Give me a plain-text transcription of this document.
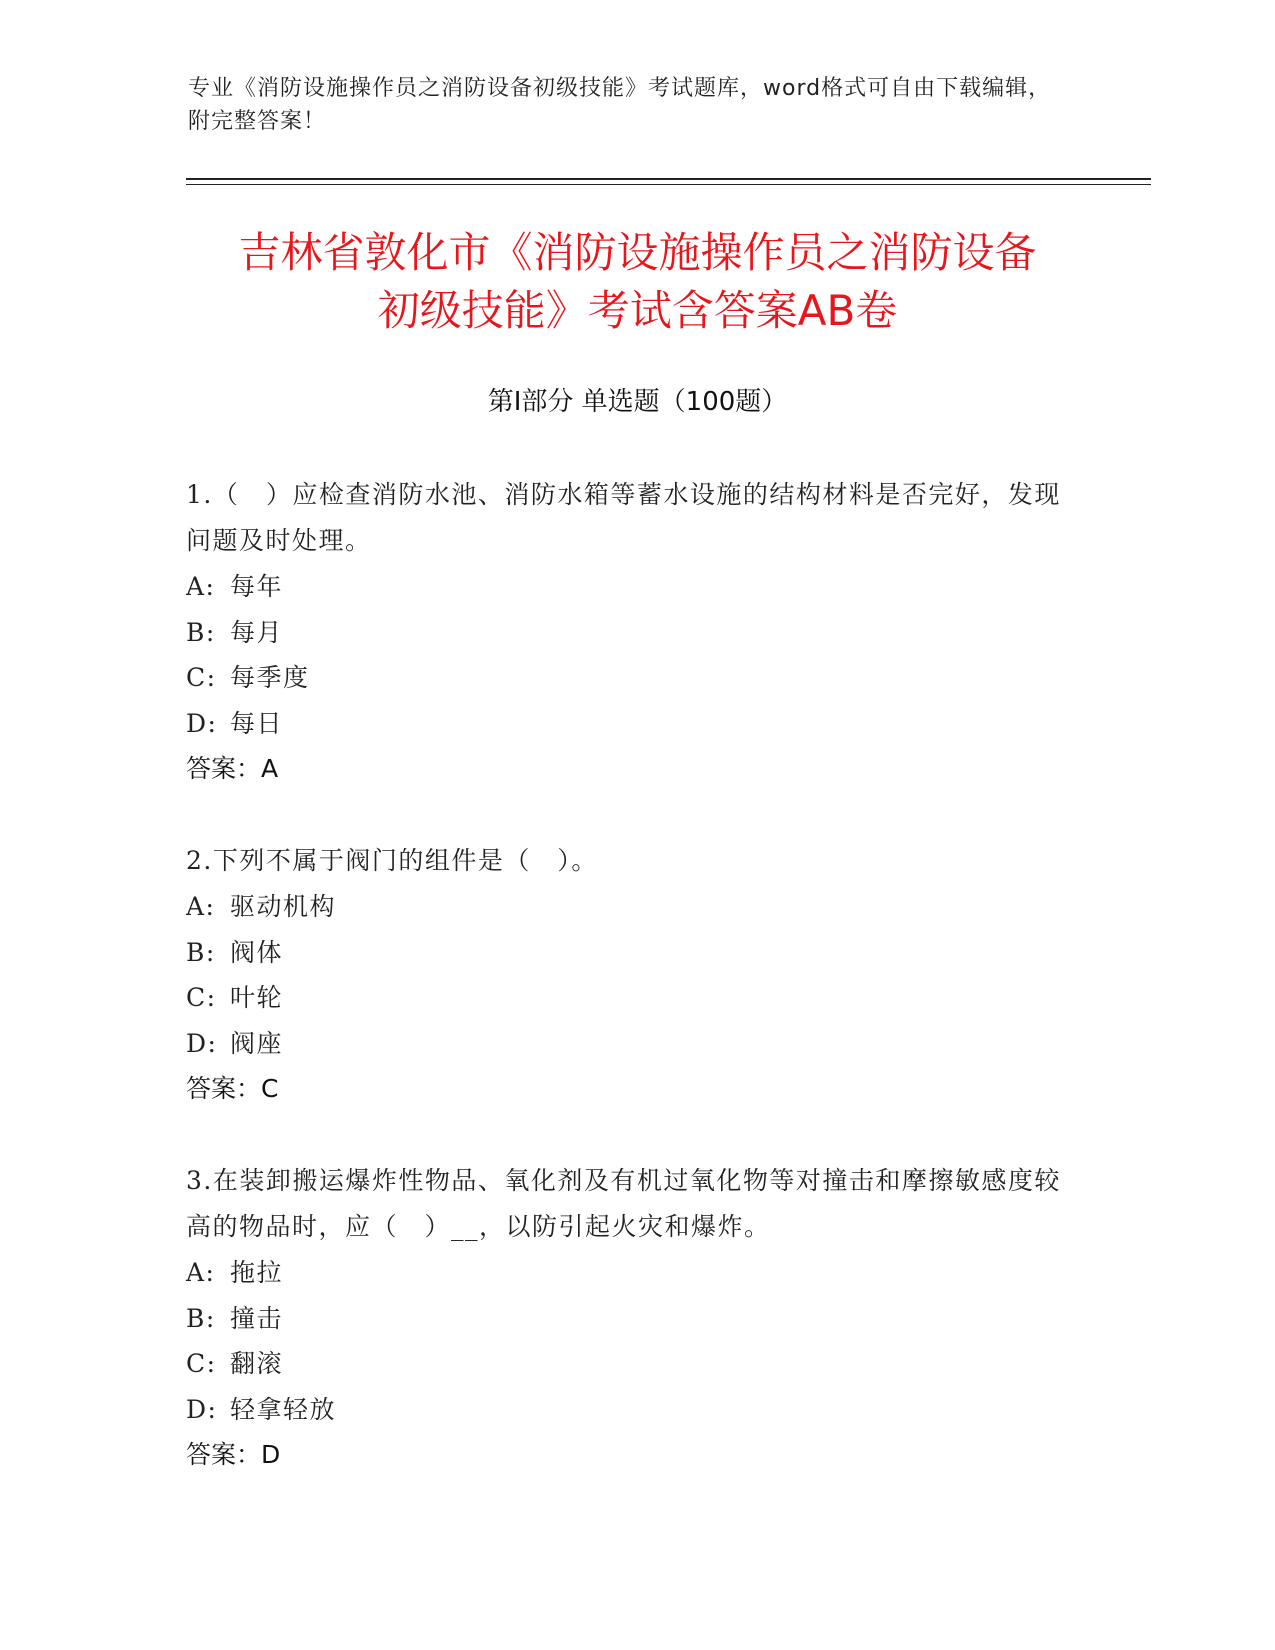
专业《消防设施操作员之消防设备初级技能》考试题库，word格式可自由下载编辑，附完整答案！
吉林省敦化市《消防设施操作员之消防设备
初级技能》考试含答案AB卷
第I部分 单选题（100题）

1.（　）应检查消防水池、消防水箱等蓄水设施的结构材料是否完好，发现问题及时处理。

A: 每年

B: 每月

C: 每季度

D: 每日

答案：A

2.下列不属于阀门的组件是（　）。

A: 驱动机构

B: 阀体

C: 叶轮

D: 阀座

答案：C

3.在装卸搬运爆炸性物品、氧化剂及有机过氧化物等对撞击和摩擦敏感度较高的物品时，应（　）__，以防引起火灾和爆炸。

A: 拖拉

B: 撞击

C: 翻滚

D: 轻拿轻放

答案：D
